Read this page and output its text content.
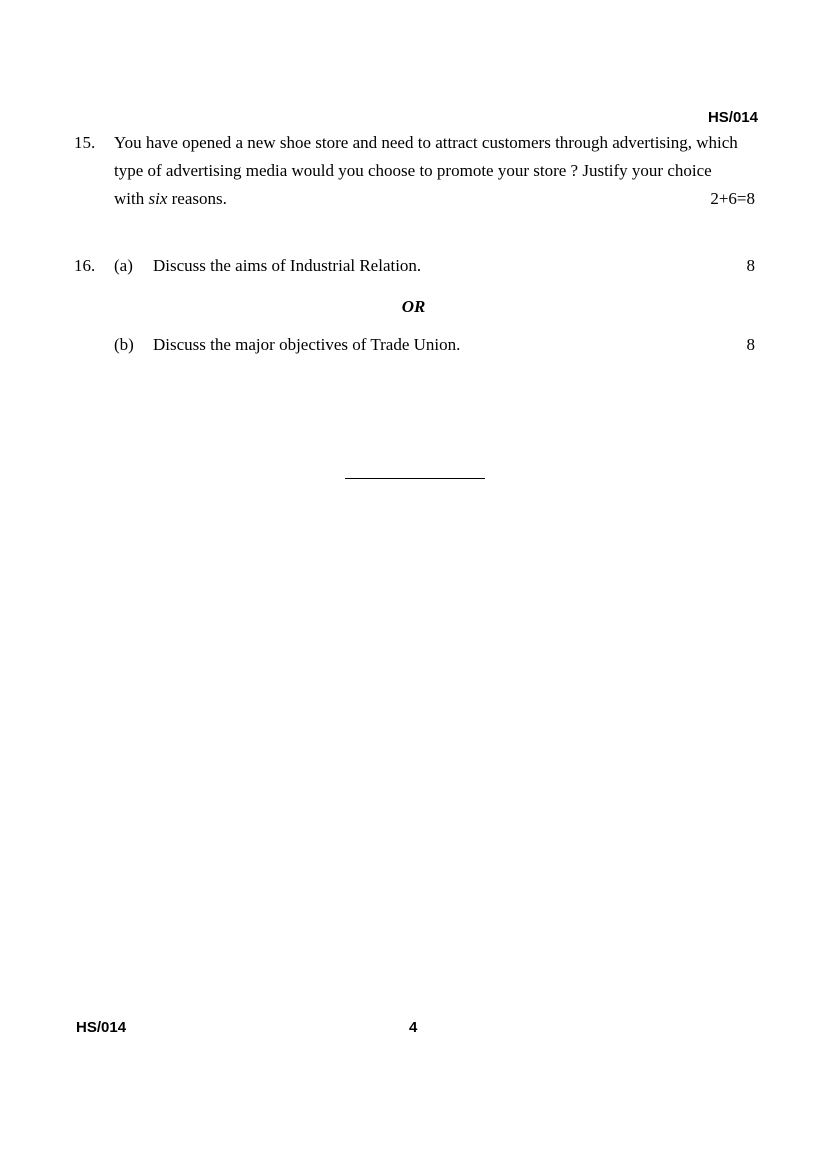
HS/014
15. You have opened a new shoe store and need to attract customers through advertising, which
type of advertising media would you choose to promote your store ? Justify your choice
with six reasons.	2+6=8
16. (a) Discuss the aims of Industrial Relation.	8
OR
(b) Discuss the major objectives of Trade Union.	8
HS/014	4
